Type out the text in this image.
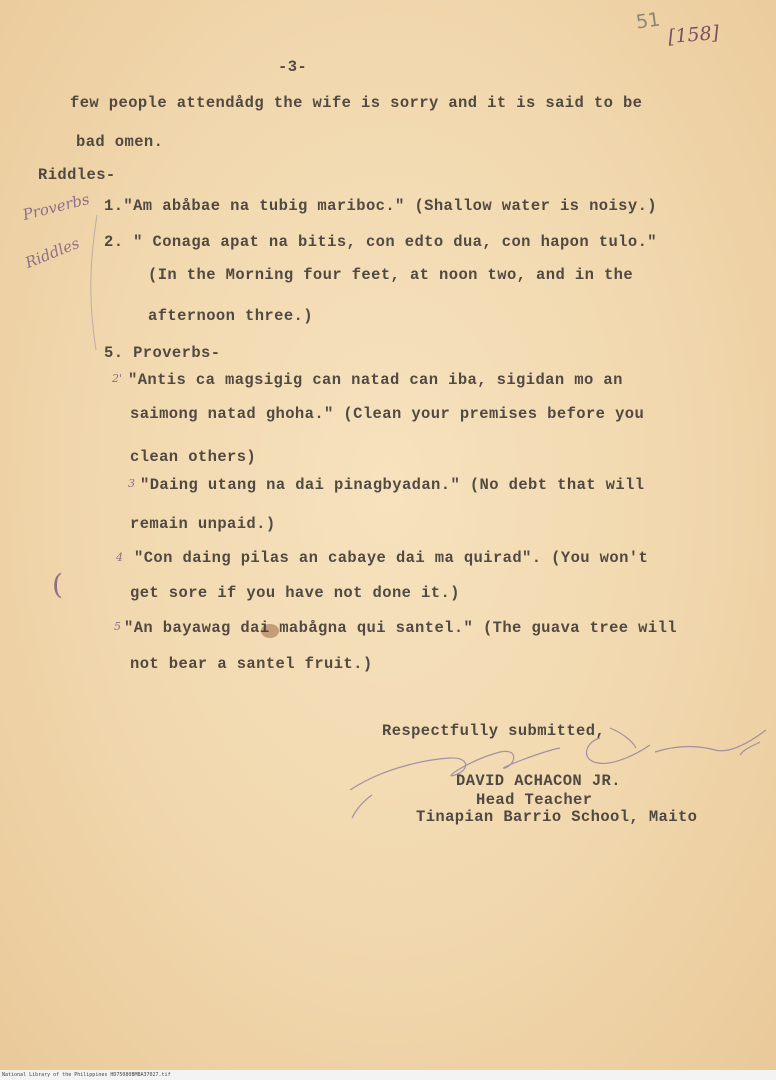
51
[158]
-3-
few people attendådg the wife is sorry and it is said to be
bad omen.
Riddles-
Proverbs
Riddles
1."Am abåbae na tubig mariboc." (Shallow water is noisy.)
2. " Conaga apat na bitis, con edto dua, con hapon tulo."
(In the Morning four feet, at noon two, and in the
afternoon three.)
5. Proverbs-
2'
3
4
5
(
"Antis ca magsigig can natad can iba, sigidan mo an
saimong natad ghoha." (Clean your premises before you
clean others)
"Daing utang na dai pinagbyadan." (No debt that will
remain unpaid.)
"Con daing pilas an cabaye dai ma quirad". (You won't
get sore if you have not done it.)
"An bayawag dai mabågna qui santel." (The guava tree will
not bear a santel fruit.)
Respectfully submitted,
DAVID ACHACON JR.
Head Teacher
Tinapian Barrio School, Maito
National Library of the Philippines HD75080BMBA37027.tif
